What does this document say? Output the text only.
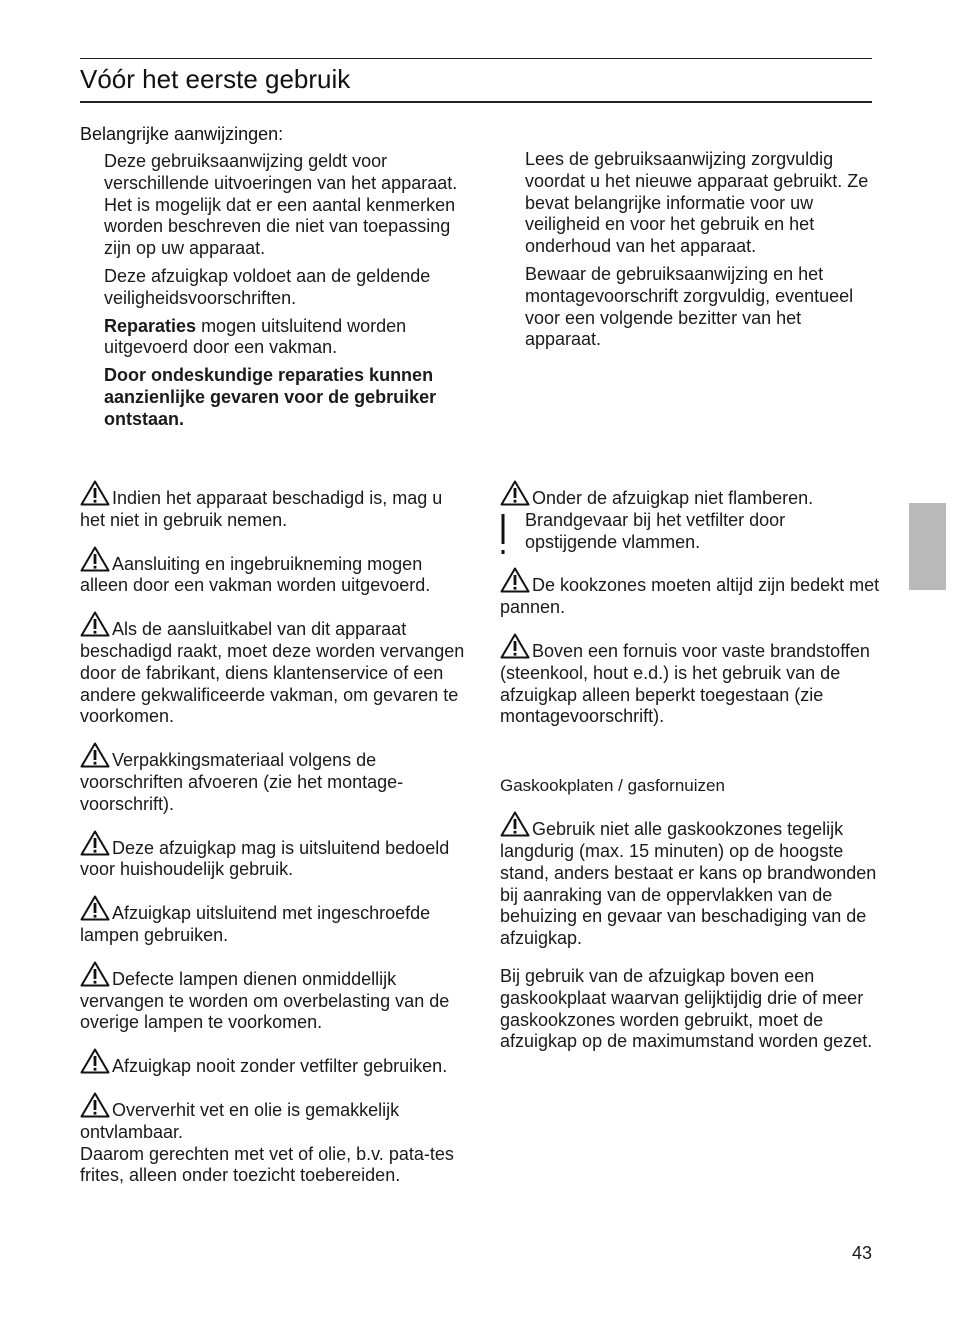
Vóór het eerste gebruik
Belangrijke aanwijzingen:

Deze gebruiksaanwijzing geldt voor verschillende uitvoeringen van het apparaat. Het is mogelijk dat er een aantal kenmerken worden beschreven die niet van toepassing zijn op uw apparaat.

Deze afzuigkap voldoet aan de geldende veiligheidsvoorschriften.

Reparaties mogen uitsluitend worden uitgevoerd door een vakman.

Door ondeskundige reparaties kunnen aanzienlijke gevaren voor de gebruiker ontstaan.

Lees de gebruiksaanwijzing zorgvuldig voordat u het nieuwe apparaat gebruikt. Ze bevat belangrijke informatie voor uw veiligheid en voor het gebruik en het onderhoud van het apparaat.

Bewaar de gebruiksaanwijzing en het montagevoorschrift zorgvuldig, eventueel voor een volgende bezitter van het apparaat.

Indien het apparaat beschadigd is, mag u het niet in gebruik nemen.

Aansluiting en ingebruikneming mogen alleen door een vakman worden uitgevoerd.

Als de aansluitkabel van dit apparaat beschadigd raakt, moet deze worden vervangen door de fabrikant, diens klantenservice of een andere gekwalificeerde vakman, om gevaren te voorkomen.

Verpakkingsmateriaal volgens de voorschriften afvoeren (zie het montage-voorschrift).

Deze afzuigkap mag is uitsluitend bedoeld voor huishoudelijk gebruik.

Afzuigkap uitsluitend met ingeschroefde lampen gebruiken.

Defecte lampen dienen onmiddellijk vervangen te worden om overbelasting van de overige lampen te voorkomen.

Afzuigkap nooit zonder vetfilter gebruiken.

Oververhit vet en olie is gemakkelijk ontvlambaar.

Daarom gerechten met vet of olie, b.v. pata-tes frites, alleen onder toezicht toebereiden.

Onder de afzuigkap niet flamberen.

Brandgevaar bij het vetfilter door opstijgende vlammen.

De kookzones moeten altijd zijn bedekt met pannen.

Boven een fornuis voor vaste brandstoffen (steenkool, hout e.d.) is het gebruik van de afzuigkap alleen beperkt toegestaan (zie montagevoorschrift).

Gaskookplaten / gasfornuizen

Gebruik niet alle gaskookzones tegelijk langdurig (max. 15 minuten) op de hoogste stand, anders bestaat er kans op brandwonden bij aanraking van de oppervlakken van de behuizing en gevaar van beschadiging van de afzuigkap.

Bij gebruik van de afzuigkap boven een gaskookplaat waarvan gelijktijdig drie of meer gaskookzones worden gebruikt, moet de afzuigkap op de maximumstand worden gezet.

43
